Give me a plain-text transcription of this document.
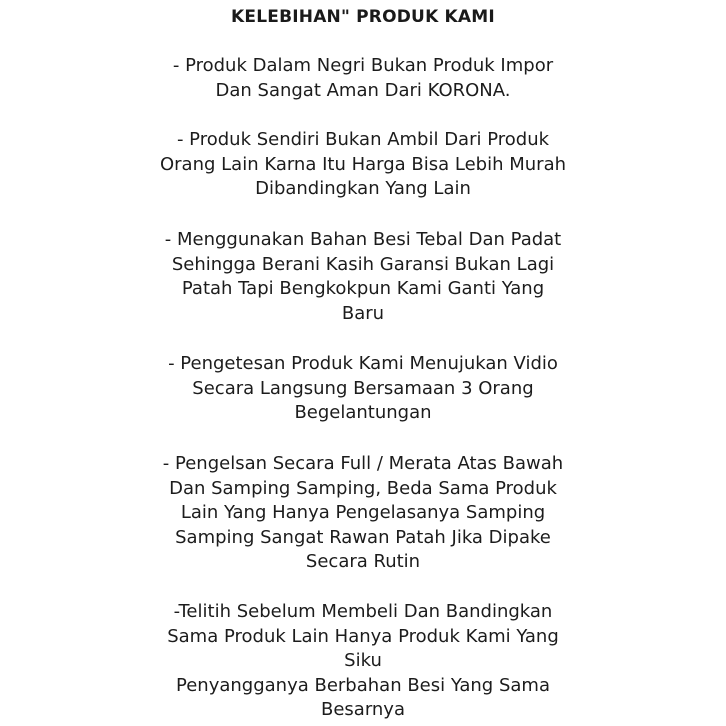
KELEBIHAN" PRODUK KAMI
- Produk Dalam Negri Bukan Produk Impor
Dan Sangat Aman Dari KORONA.
- Produk Sendiri Bukan Ambil Dari Produk
Orang Lain Karna Itu Harga Bisa Lebih Murah
Dibandingkan Yang Lain
- Menggunakan Bahan Besi Tebal Dan Padat
Sehingga Berani Kasih Garansi Bukan Lagi
Patah Tapi Bengkokpun Kami Ganti Yang
Baru
- Pengetesan Produk Kami Menujukan Vidio
Secara Langsung Bersamaan 3 Orang
Begelantungan
- Pengelsan Secara Full / Merata Atas Bawah
Dan Samping Samping, Beda Sama Produk
Lain Yang Hanya Pengelasanya Samping
Samping Sangat Rawan Patah Jika Dipake
Secara Rutin
-Telitih Sebelum Membeli Dan Bandingkan
Sama Produk Lain Hanya Produk Kami Yang
Siku
Penyangganya Berbahan Besi Yang Sama
Besarnya
